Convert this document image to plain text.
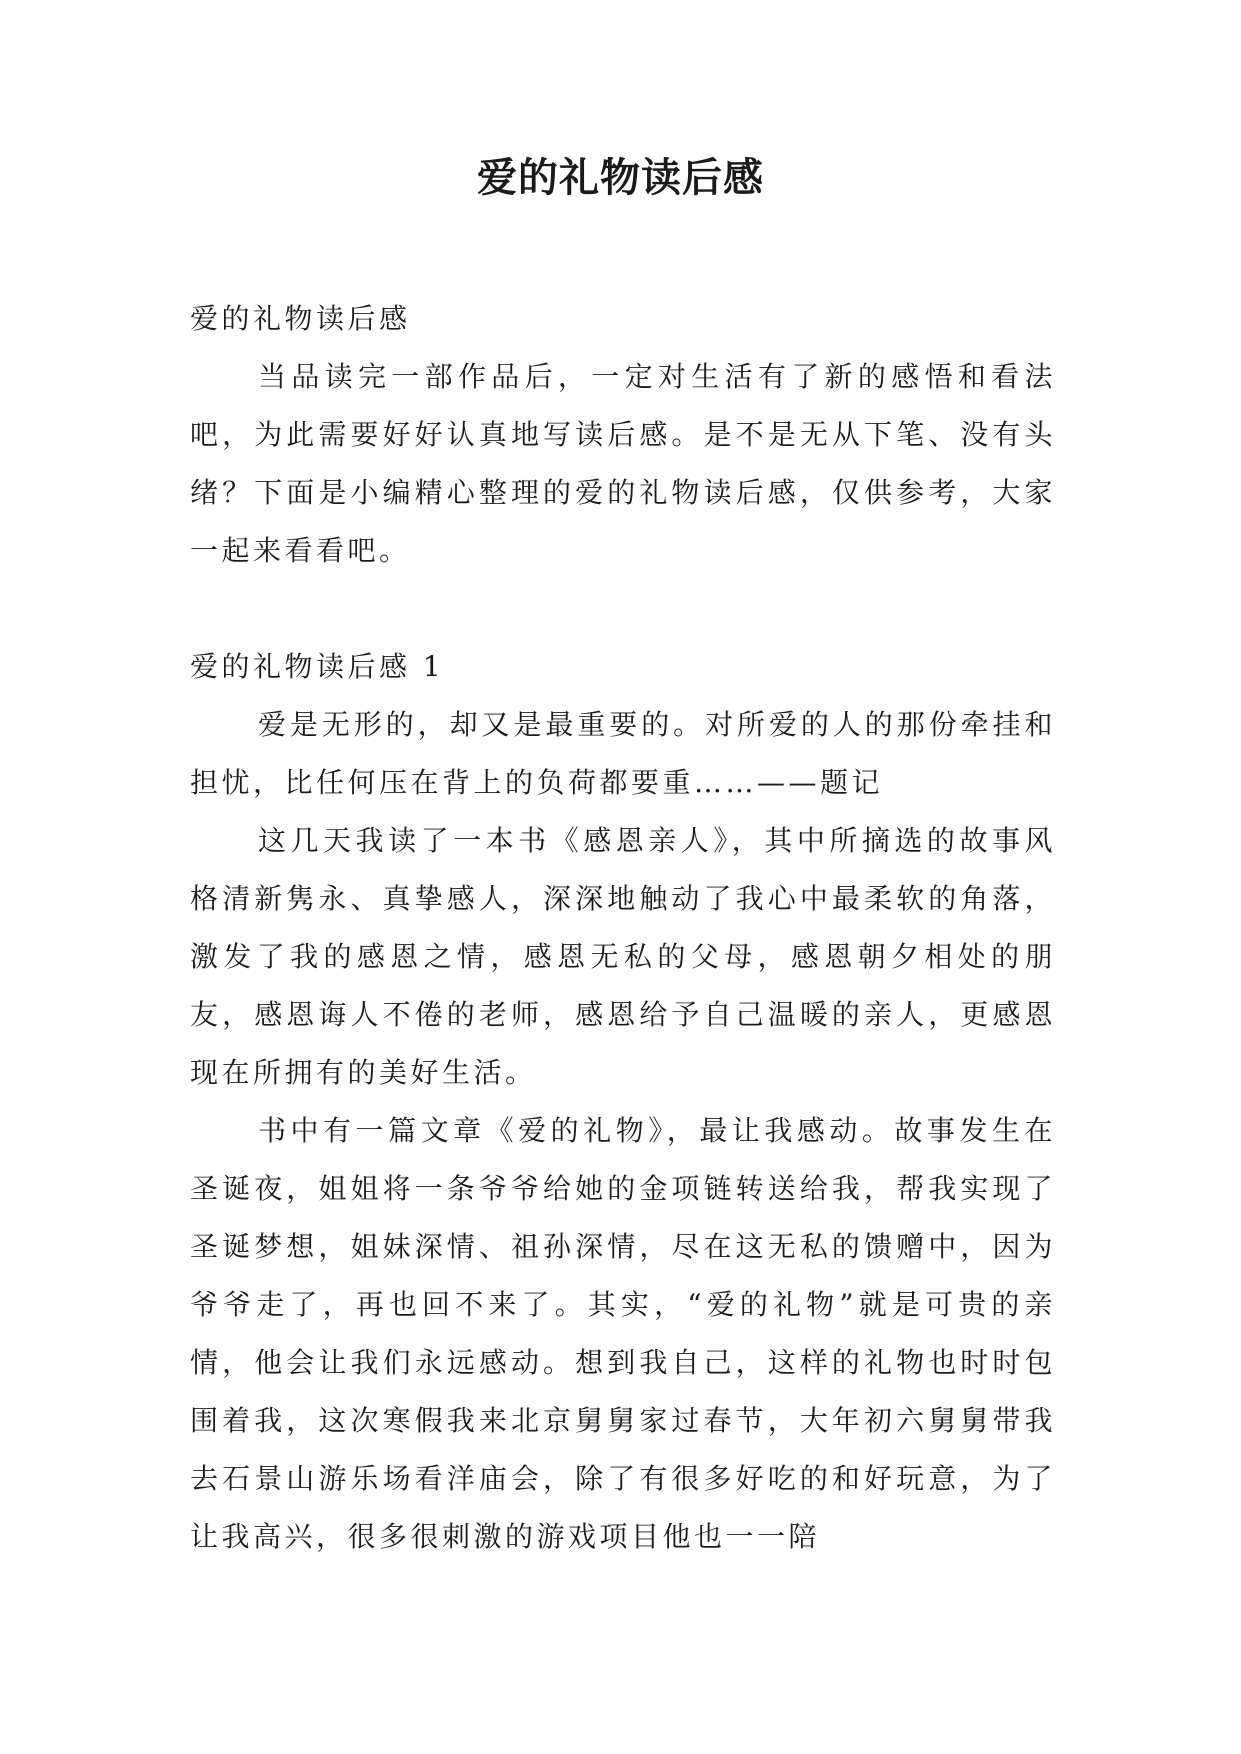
爱的礼物读后感

爱的礼物读后感

当品读完一部作品后，一定对生活有了新的感悟和看法吧，为此需要好好认真地写读后感。是不是无从下笔、没有头绪？下面是小编精心整理的爱的礼物读后感，仅供参考，大家一起来看看吧。

爱的礼物读后感 1

爱是无形的，却又是最重要的。对所爱的人的那份牵挂和担忧，比任何压在背上的负荷都要重……——题记

这几天我读了一本书《感恩亲人》，其中所摘选的故事风格清新隽永、真挚感人，深深地触动了我心中最柔软的角落，激发了我的感恩之情，感恩无私的父母，感恩朝夕相处的朋友，感恩诲人不倦的老师，感恩给予自己温暖的亲人，更感恩现在所拥有的美好生活。

书中有一篇文章《爱的礼物》，最让我感动。故事发生在圣诞夜，姐姐将一条爷爷给她的金项链转送给我，帮我实现了圣诞梦想，姐妹深情、祖孙深情，尽在这无私的馈赠中，因为爷爷走了，再也回不来了。其实，“爱的礼物”就是可贵的亲情，他会让我们永远感动。想到我自己，这样的礼物也时时包围着我，这次寒假我来北京舅舅家过春节，大年初六舅舅带我去石景山游乐场看洋庙会，除了有很多好吃的和好玩意，为了让我高兴，很多很刺激的游戏项目他也一一陪
